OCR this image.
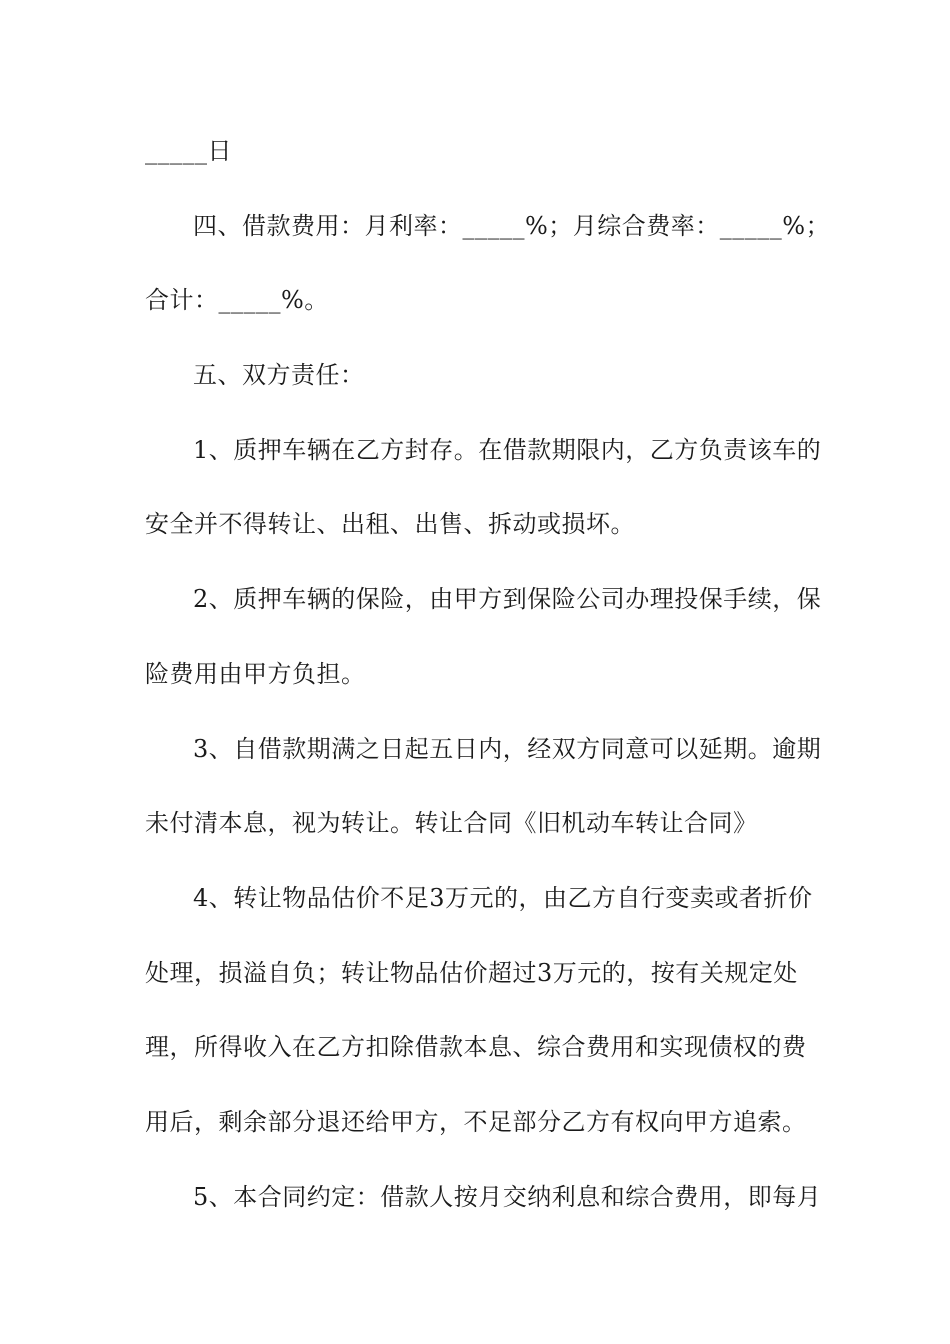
_____日
四、借款费用：月利率：_____%；月综合费率：_____%；
合计：_____%。
五、双方责任：
1、质押车辆在乙方封存。在借款期限内，乙方负责该车的
安全并不得转让、出租、出售、拆动或损坏。
2、质押车辆的保险，由甲方到保险公司办理投保手续，保
险费用由甲方负担。
3、自借款期满之日起五日内，经双方同意可以延期。逾期
未付清本息，视为转让。转让合同《旧机动车转让合同》
4、转让物品估价不足3万元的，由乙方自行变卖或者折价
处理，损溢自负；转让物品估价超过3万元的，按有关规定处
理，所得收入在乙方扣除借款本息、综合费用和实现债权的费
用后，剩余部分退还给甲方，不足部分乙方有权向甲方追索。
5、本合同约定：借款人按月交纳利息和综合费用，即每月
